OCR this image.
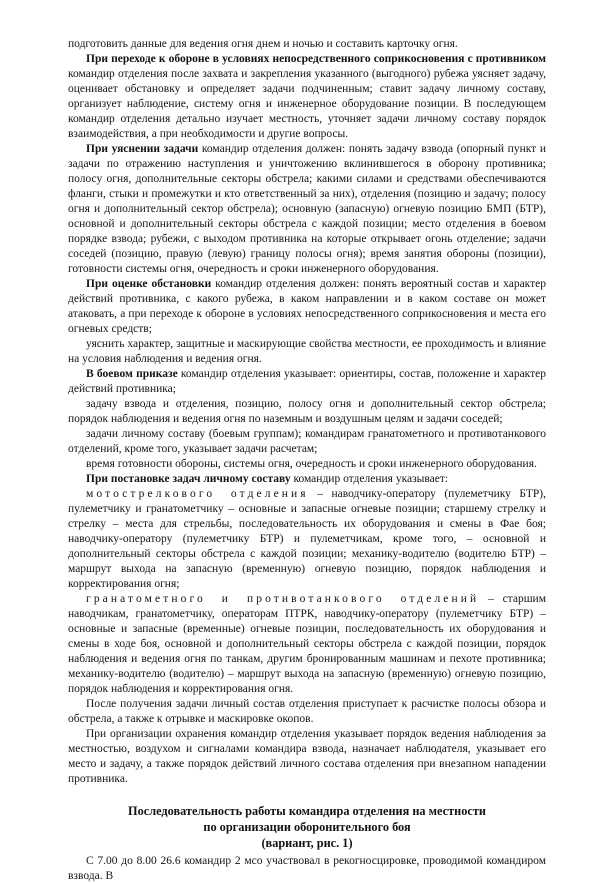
подготовить данные для ведения огня днем и ночью и составить карточку огня.

При переходе к обороне в условиях непосредственного соприкосновения с противником командир отделения после захвата и закрепления указанного (выгодного) рубежа уясняет задачу, оценивает обстановку и определяет задачи подчиненным; ставит задачу личному составу, организует наблюдение, систему огня и инженерное оборудование позиции. В последующем командир отделения детально изучает местность, уточняет задачи личному составу порядок взаимодействия, а при необходимости и другие вопросы.

При уяснении задачи командир отделения должен: понять задачу взвода (опорный пункт и задачи по отражению наступления и уничтожению вклинившегося в оборону противника; полосу огня, дополнительные секторы обстрела; какими силами и средствами обеспечиваются фланги, стыки и промежутки и кто ответственный за них), отделения (позицию и задачу; полосу огня и дополнительный сектор обстрела); основную (запасную) огневую позицию БМП (БТР), основной и дополнительный секторы обстрела с каждой позиции; место отделения в боевом порядке взвода; рубежи, с выходом противника на которые открывает огонь отделение; задачи соседей (позицию, правую (левую) границу полосы огня); время занятия обороны (позиции), готовности системы огня, очередность и сроки инженерного оборудования.

При оценке обстановки командир отделения должен: понять вероятный состав и характер действий противника, с какого рубежа, в каком направлении и в каком составе он может атаковать, а при переходе к обороне в условиях непосредственного соприкосновения и места его огневых средств;

уяснить характер, защитные и маскирующие свойства местности, ее проходимость и влияние на условия наблюдения и ведения огня.

В боевом приказе командир отделения указывает: ориентиры, состав, положение и характер действий противника;

задачу взвода и отделения, позицию, полосу огня и дополнительный сектор обстрела; порядок наблюдения и ведения огня по наземным и воздушным целям и задачи соседей;

задачи личному составу (боевым группам); командирам гранатометного и противотанкового отделений, кроме того, указывает задачи расчетам;

время готовности обороны, системы огня, очередность и сроки инженерного оборудования.

При постановке задач личному составу командир отделения указывает:

мотострелкового отделения – наводчику-оператору (пулеметчику БТР), пулеметчику и гранатометчику – основные и запасные огневые позиции; старшему стрелку и стрелку – места для стрельбы, последовательность их оборудования и смены в Фае боя; наводчику-оператору (пулеметчику БТР) и пулеметчикам, кроме того, – основной и дополнительный секторы обстрела с каждой позиции; механику-водителю (водителю БТР) – маршрут выхода на запасную (временную) огневую позицию, порядок наблюдения и корректирования огня;

гранатометного и противотанкового отделений – старшим наводчикам, гранатометчику, операторам ПТРК, наводчику-оператору (пулеметчику БТР) – основные и запасные (временные) огневые позиции, последовательность их оборудования и смены в ходе боя, основной и дополнительный секторы обстрела с каждой позиции, порядок наблюдения и ведения огня по танкам, другим бронированным машинам и пехоте противника; механику-водителю (водителю) – маршрут выхода на запасную (временную) огневую позицию, порядок наблюдения и корректирования огня.

После получения задачи личный состав отделения приступает к расчистке полосы обзора и обстрела, а также к отрывке и маскировке окопов.

При организации охранения командир отделения указывает порядок ведения наблюдения за местностью, воздухом и сигналами командира взвода, назначает наблюдателя, указывает его место и задачу, а также порядок действий личного состава отделения при внезапном нападении противника.

Последовательность работы командира отделения на местности
по организации оборонительного боя
(вариант, рис. 1)

С 7.00 до 8.00 26.6 командир 2 мсо участвовал в рекогносцировке, проводимой командиром взвода. В
